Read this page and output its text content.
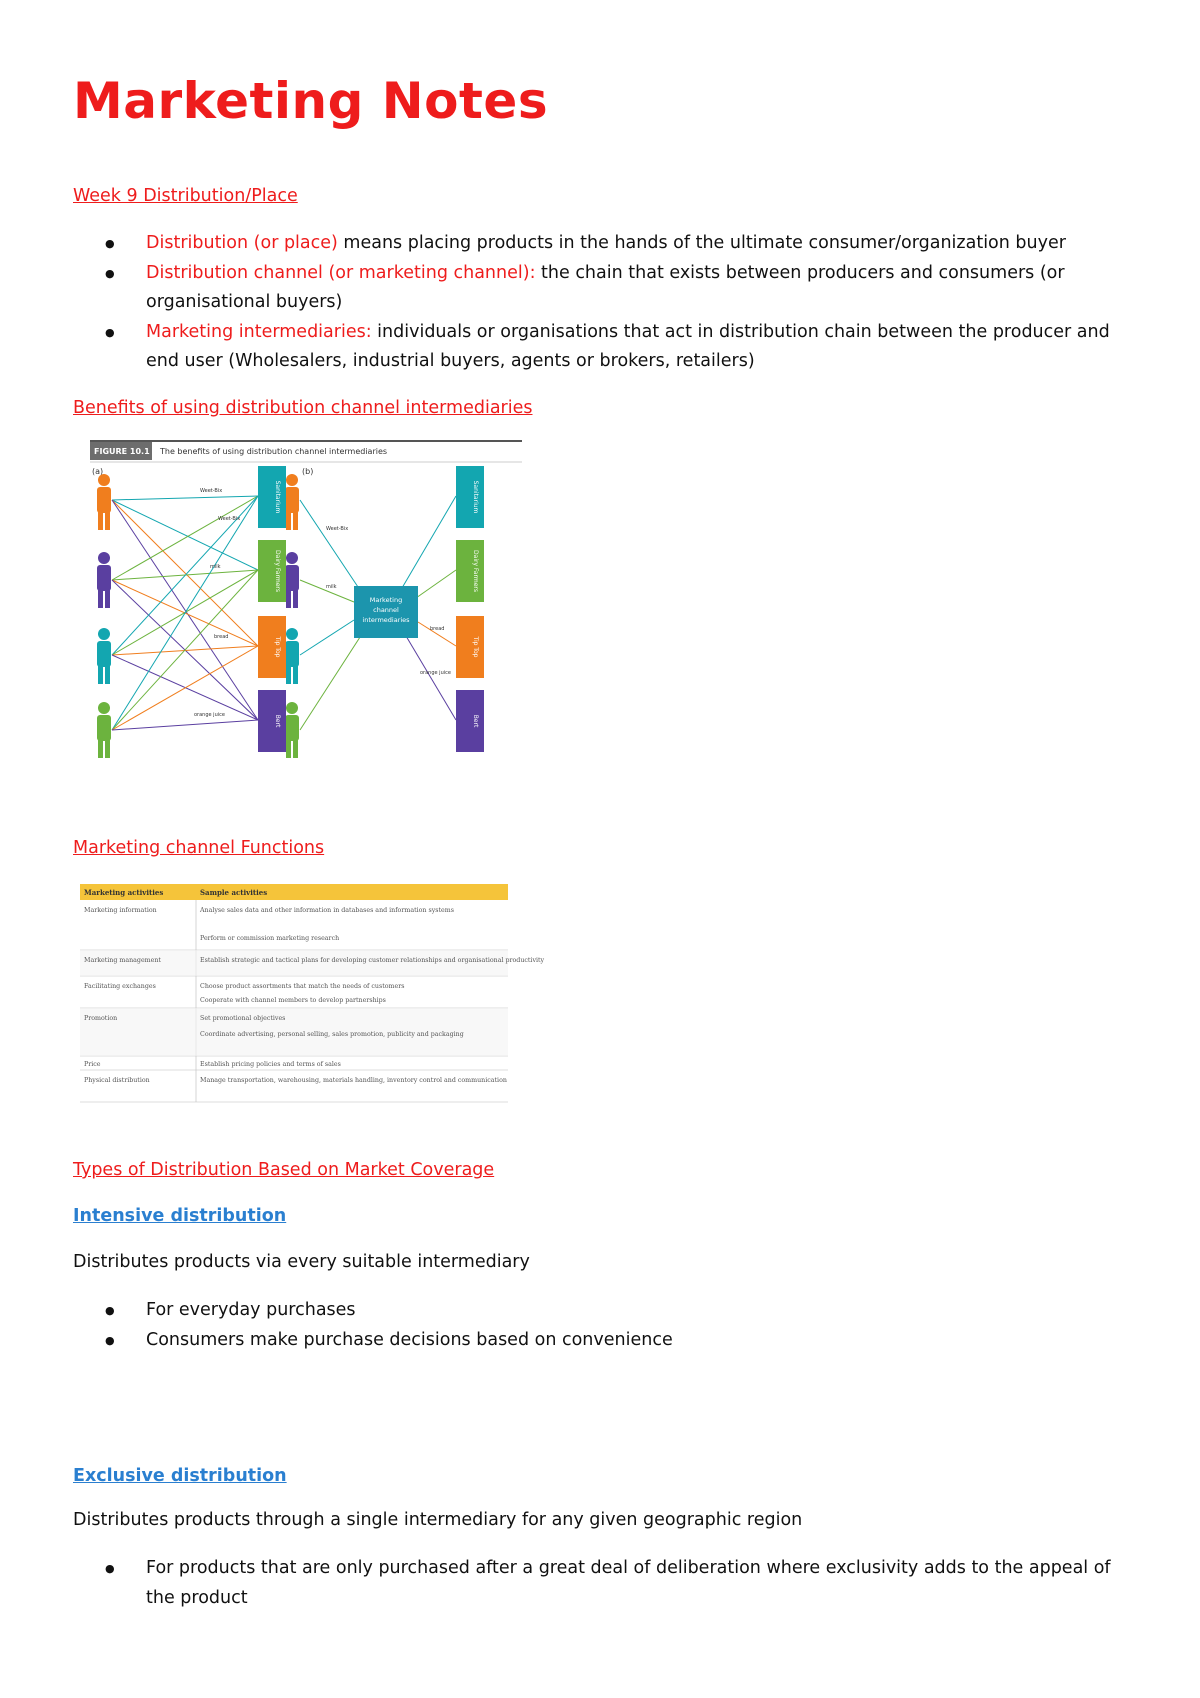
Marketing Notes
Week 9 Distribution/Place
● Distribution (or place) means placing products in the hands of the ultimate consumer/organization buyer
● Distribution channel (or marketing channel): the chain that exists between producers and consumers (or organisational buyers)
● Marketing intermediaries: individuals or organisations that act in distribution chain between the producer and end user (Wholesalers, industrial buyers, agents or brokers, retailers)
Benefits of using distribution channel intermediaries
FIGURE 10.1 The benefits of using distribution channel intermediaries
(a)	(b)
Weet-Bix
Weet-Bix
milk
bread
orange juice
Weet-Bix
milk
bread
orange juice
Marketing
channel
intermediaries
Sanitarium
Dairy Farmers
Tip Top
Bert
Sanitarium
Dairy Farmers
Tip Top
Bert
Marketing channel Functions
Marketing activities	Sample activities
Marketing information	Analyse sales data and other information in databases and information systems
Perform or commission marketing research
Marketing management	Establish strategic and tactical plans for developing customer relationships and organisational productivity
Facilitating exchanges	Choose product assortments that match the needs of customers
Cooperate with channel members to develop partnerships
Promotion	Set promotional objectives
Coordinate advertising, personal selling, sales promotion, publicity and packaging
Price	Establish pricing policies and terms of sales
Physical distribution	Manage transportation, warehousing, materials handling, inventory control and communication
Types of Distribution Based on Market Coverage
Intensive distribution

Distributes products via every suitable intermediary

● For everyday purchases
● Consumers make purchase decisions based on convenience
Exclusive distribution

Distributes products through a single intermediary for any given geographic region

● For products that are only purchased after a great deal of deliberation where exclusivity adds to the appeal of the product
